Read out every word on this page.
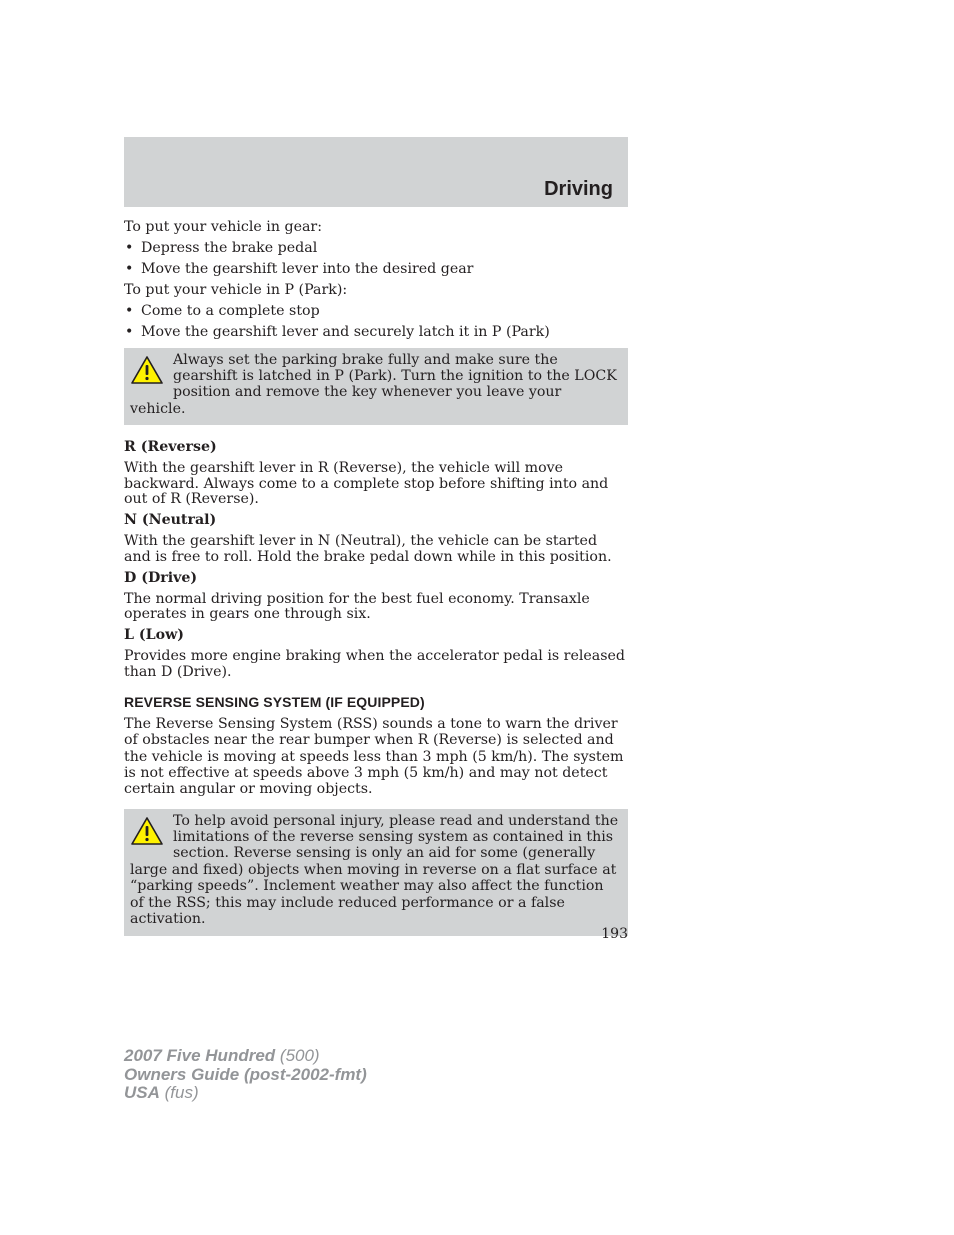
Driving

To put your vehicle in gear:

• Depress the brake pedal
• Move the gearshift lever into the desired gear

To put your vehicle in P (Park):

• Come to a complete stop
• Move the gearshift lever and securely latch it in P (Park)
Always set the parking brake fully and make sure the gearshift is latched in P (Park). Turn the ignition to the LOCK position and remove the key whenever you leave your vehicle.
R (Reverse)

With the gearshift lever in R (Reverse), the vehicle will move backward. Always come to a complete stop before shifting into and out of R (Reverse).

N (Neutral)

With the gearshift lever in N (Neutral), the vehicle can be started and is free to roll. Hold the brake pedal down while in this position.

D (Drive)

The normal driving position for the best fuel economy. Transaxle operates in gears one through six.

L (Low)

Provides more engine braking when the accelerator pedal is released than D (Drive).

REVERSE SENSING SYSTEM (IF EQUIPPED)

The Reverse Sensing System (RSS) sounds a tone to warn the driver of obstacles near the rear bumper when R (Reverse) is selected and the vehicle is moving at speeds less than 3 mph (5 km/h). The system is not effective at speeds above 3 mph (5 km/h) and may not detect certain angular or moving objects.

To help avoid personal injury, please read and understand the limitations of the reverse sensing system as contained in this section. Reverse sensing is only an aid for some (generally large and fixed) objects when moving in reverse on a flat surface at “parking speeds”. Inclement weather may also affect the function of the RSS; this may include reduced performance or a false activation.
193
2007 Five Hundred (500)
Owners Guide (post-2002-fmt)
USA (fus)
